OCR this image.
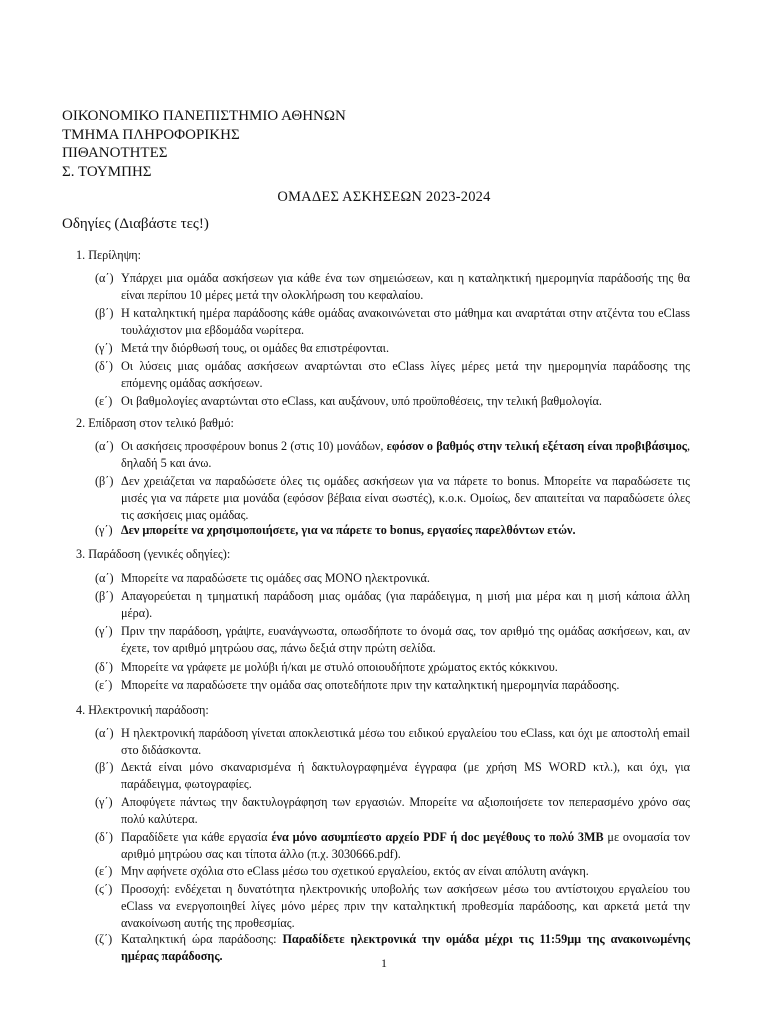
ΟΙΚΟΝΟΜΙΚΟ ΠΑΝΕΠΙΣΤΗΜΙΟ ΑΘΗΝΩΝ
ΤΜΗΜΑ ΠΛΗΡΟΦΟΡΙΚΗΣ
ΠΙΘΑΝΟΤΗΤΕΣ
Σ. ΤΟΥΜΠΗΣ
ΟΜΑΔΕΣ ΑΣΚΗΣΕΩΝ 2023-2024
Οδηγίες (Διαβάστε τες!)
1. Περίληψη:
(α΄) Υπάρχει μια ομάδα ασκήσεων για κάθε ένα των σημειώσεων, και η καταληκτική ημερομηνία παράδοσής της θα είναι περίπου 10 μέρες μετά την ολοκλήρωση του κεφαλαίου.
(β΄) Η καταληκτική ημέρα παράδοσης κάθε ομάδας ανακοινώνεται στο μάθημα και αναρτάται στην ατζέντα του eClass τουλάχιστον μια εβδομάδα νωρίτερα.
(γ΄) Μετά την διόρθωσή τους, οι ομάδες θα επιστρέφονται.
(δ΄) Οι λύσεις μιας ομάδας ασκήσεων αναρτώνται στο eClass λίγες μέρες μετά την ημερομηνία παράδοσης της επόμενης ομάδας ασκήσεων.
(ε΄) Οι βαθμολογίες αναρτώνται στο eClass, και αυξάνουν, υπό προϋποθέσεις, την τελική βαθμολογία.
2. Επίδραση στον τελικό βαθμό:
(α΄) Οι ασκήσεις προσφέρουν bonus 2 (στις 10) μονάδων, εφόσον ο βαθμός στην τελική εξέταση είναι προβιβάσιμος, δηλαδή 5 και άνω.
(β΄) Δεν χρειάζεται να παραδώσετε όλες τις ομάδες ασκήσεων για να πάρετε το bonus. Μπορείτε να παραδώσετε τις μισές για να πάρετε μια μονάδα (εφόσον βέβαια είναι σωστές), κ.ο.κ. Ομοίως, δεν απαιτείται να παραδώσετε όλες τις ασκήσεις μιας ομάδας.
(γ΄) Δεν μπορείτε να χρησιμοποιήσετε, για να πάρετε το bonus, εργασίες παρελθόντων ετών.
3. Παράδοση (γενικές οδηγίες):
(α΄) Μπορείτε να παραδώσετε τις ομάδες σας ΜΟΝΟ ηλεκτρονικά.
(β΄) Απαγορεύεται η τμηματική παράδοση μιας ομάδας (για παράδειγμα, η μισή μια μέρα και η μισή κάποια άλλη μέρα).
(γ΄) Πριν την παράδοση, γράψτε, ευανάγνωστα, οπωσδήποτε το όνομά σας, τον αριθμό της ομάδας ασκήσεων, και, αν έχετε, τον αριθμό μητρώου σας, πάνω δεξιά στην πρώτη σελίδα.
(δ΄) Μπορείτε να γράφετε με μολύβι ή/και με στυλό οποιουδήποτε χρώματος εκτός κόκκινου.
(ε΄) Μπορείτε να παραδώσετε την ομάδα σας οποτεδήποτε πριν την καταληκτική ημερομηνία παράδοσης.
4. Ηλεκτρονική παράδοση:
(α΄) Η ηλεκτρονική παράδοση γίνεται αποκλειστικά μέσω του ειδικού εργαλείου του eClass, και όχι με αποστολή email στο διδάσκοντα.
(β΄) Δεκτά είναι μόνο σκαναρισμένα ή δακτυλογραφημένα έγγραφα (με χρήση MS WORD κτλ.), και όχι, για παράδειγμα, φωτογραφίες.
(γ΄) Αποφύγετε πάντως την δακτυλογράφηση των εργασιών. Μπορείτε να αξιοποιήσετε τον πεπερασμένο χρόνο σας πολύ καλύτερα.
(δ΄) Παραδίδετε για κάθε εργασία ένα μόνο ασυμπίεστο αρχείο PDF ή doc μεγέθους το πολύ 3MB με ονομασία τον αριθμό μητρώου σας και τίποτα άλλο (π.χ. 3030666.pdf).
(ε΄) Μην αφήνετε σχόλια στο eClass μέσω του σχετικού εργαλείου, εκτός αν είναι απόλυτη ανάγκη.
(ϛ΄) Προσοχή: ενδέχεται η δυνατότητα ηλεκτρονικής υποβολής των ασκήσεων μέσω του αντίστοιχου εργαλείου του eClass να ενεργοποιηθεί λίγες μόνο μέρες πριν την καταληκτική προθεσμία παράδοσης, και αρκετά μετά την ανακοίνωση αυτής της προθεσμίας.
(ζ΄) Καταληκτική ώρα παράδοσης: Παραδίδετε ηλεκτρονικά την ομάδα μέχρι τις 11:59μμ της ανακοινωμένης ημέρας παράδοσης.
1
